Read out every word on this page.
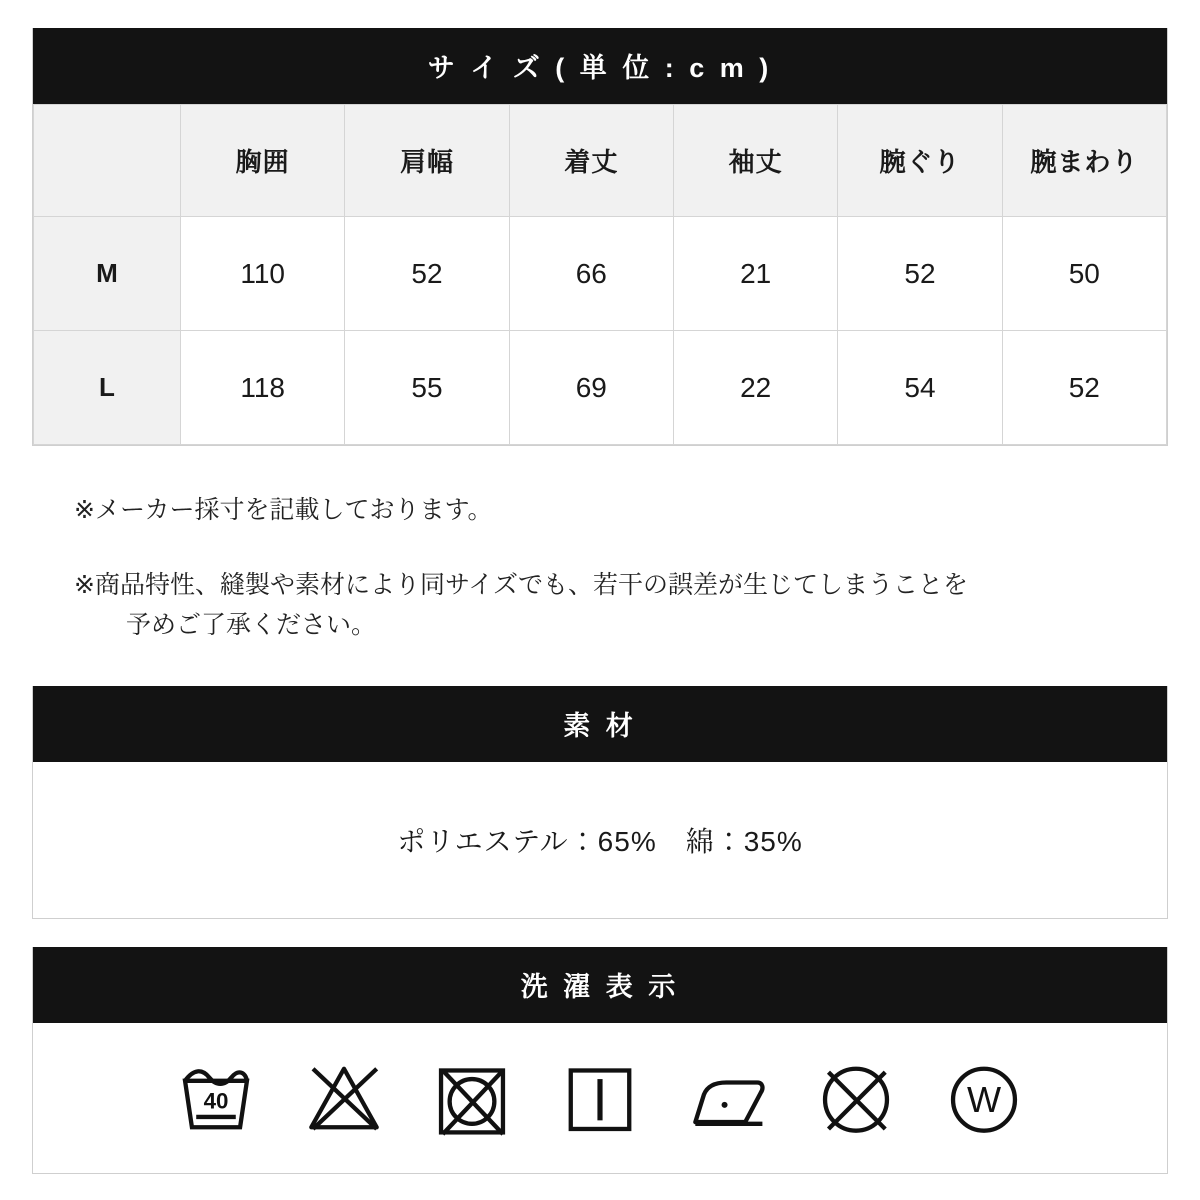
サ イ ズ ( 単 位 : c m )
	胸囲	肩幅	着丈	袖丈	腕ぐり	腕まわり
M	110	52	66	21	52	50
L	118	55	69	22	54	52

※メーカー採寸を記載しております。

※商品特性、縫製や素材により同サイズでも、若干の誤差が生じてしまうことを
予めご了承ください。

素 材
ポリエステル：65%　綿：35%
洗 濯 表 示
40	W
